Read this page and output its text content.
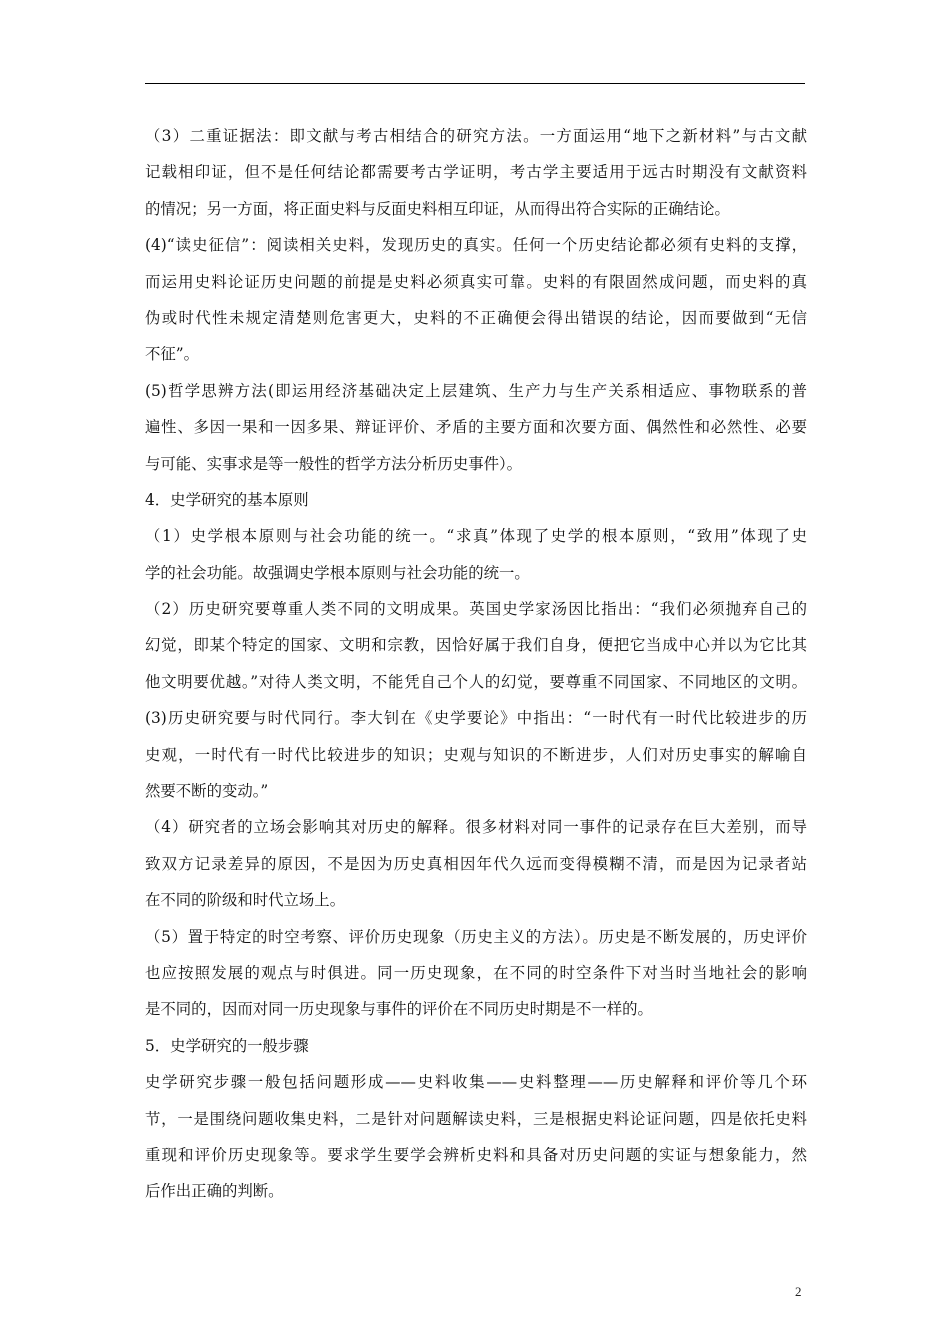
（3）二重证据法：即文献与考古相结合的研究方法。一方面运用“地下之新材料”与古文献
记载相印证，但不是任何结论都需要考古学证明，考古学主要适用于远古时期没有文献资料
的情况；另一方面，将正面史料与反面史料相互印证，从而得出符合实际的正确结论。
(4)“读史征信”：阅读相关史料，发现历史的真实。任何一个历史结论都必须有史料的支撑，
而运用史料论证历史问题的前提是史料必须真实可靠。史料的有限固然成问题，而史料的真
伪或时代性未规定清楚则危害更大，史料的不正确便会得出错误的结论，因而要做到“无信
不征”。
(5)哲学思辨方法(即运用经济基础决定上层建筑、生产力与生产关系相适应、事物联系的普
遍性、多因一果和一因多果、辩证评价、矛盾的主要方面和次要方面、偶然性和必然性、必要
与可能、实事求是等一般性的哲学方法分析历史事件）。
4．史学研究的基本原则
（1）史学根本原则与社会功能的统一。“求真”体现了史学的根本原则，“致用”体现了史
学的社会功能。故强调史学根本原则与社会功能的统一。
（2）历史研究要尊重人类不同的文明成果。英国史学家汤因比指出：“我们必须抛弃自己的
幻觉，即某个特定的国家、文明和宗教，因恰好属于我们自身，便把它当成中心并以为它比其
他文明要优越。”对待人类文明，不能凭自己个人的幻觉，要尊重不同国家、不同地区的文明。
(3)历史研究要与时代同行。李大钊在《史学要论》中指出：“一时代有一时代比较进步的历
史观，一时代有一时代比较进步的知识；史观与知识的不断进步，人们对历史事实的解喻自
然要不断的变动。”
（4）研究者的立场会影响其对历史的解释。很多材料对同一事件的记录存在巨大差别，而导
致双方记录差异的原因，不是因为历史真相因年代久远而变得模糊不清，而是因为记录者站
在不同的阶级和时代立场上。
（5）置于特定的时空考察、评价历史现象（历史主义的方法）。历史是不断发展的，历史评价
也应按照发展的观点与时俱进。同一历史现象，在不同的时空条件下对当时当地社会的影响
是不同的，因而对同一历史现象与事件的评价在不同历史时期是不一样的。
5．史学研究的一般步骤
史学研究步骤一般包括问题形成——史料收集——史料整理——历史解释和评价等几个环
节，一是围绕问题收集史料，二是针对问题解读史料，三是根据史料论证问题，四是依托史料
重现和评价历史现象等。要求学生要学会辨析史料和具备对历史问题的实证与想象能力，然
后作出正确的判断。
2
